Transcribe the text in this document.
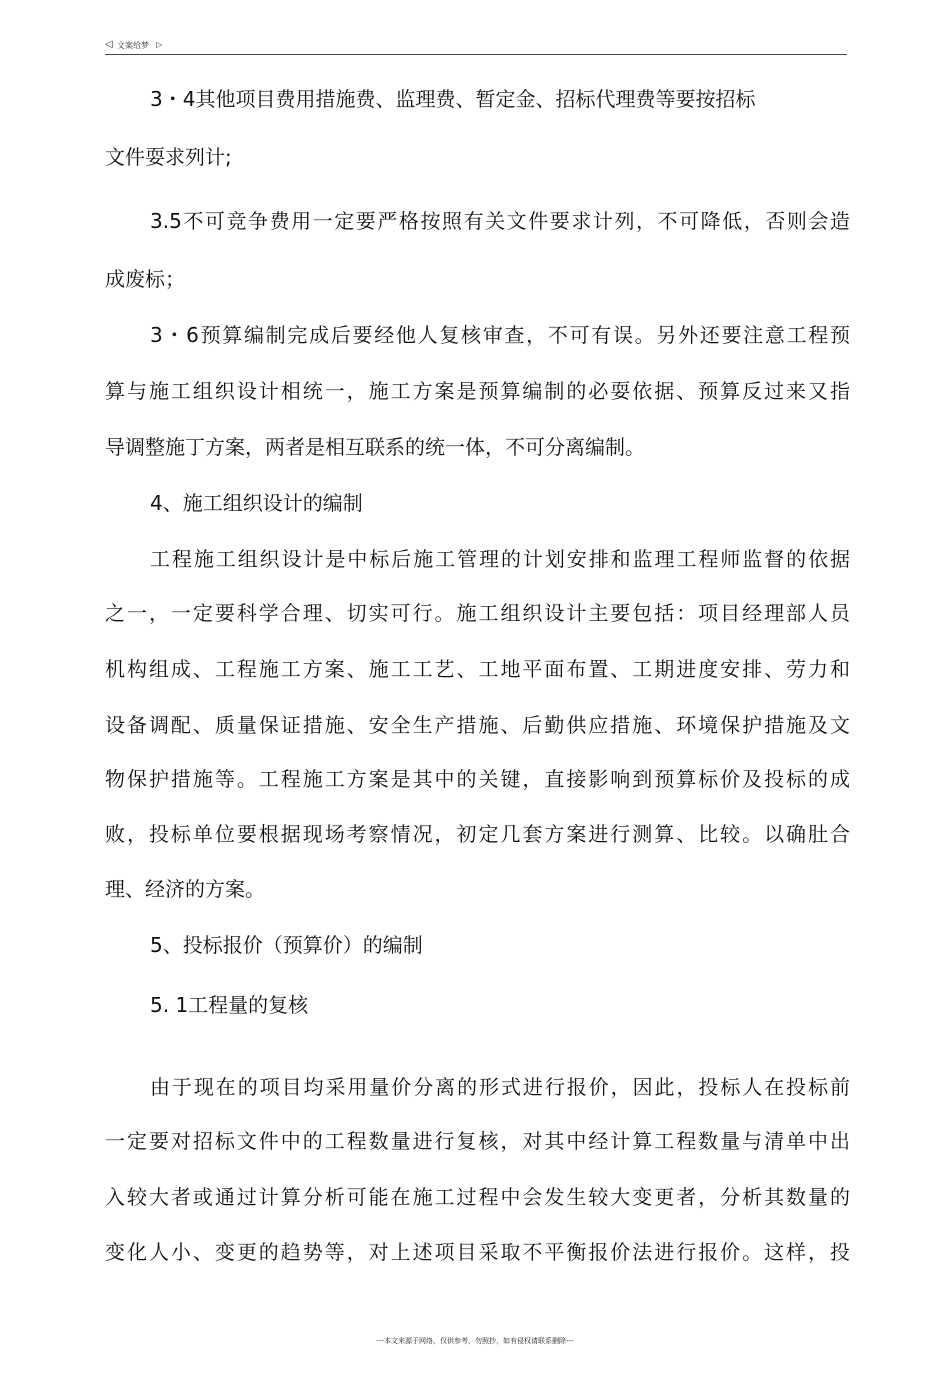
◁ 文案给梦 ▷
3・4其他项目费用措施费、监理费、暂定金、招标代理费等要按招标
文件耍求列计;
3.5不可竞争费用一定要严格按照有关文件要求计列，不可降低，否则会造
成废标；
3・6预算编制完成后要经他人复核审查，不可有误。另外还要注意工程预
算与施工组织设计相统一，施工方案是预算编制的必耍依据、预算反过来又指
导调整施丁方案，两者是相互联系的统一体，不可分离编制。
4、施工组织设计的编制
工程施工组织设计是中标后施工管理的计划安排和监理工程师监督的依据
之一，一定要科学合理、切实可行。施工组织设计主要包括：项目经理部人员
机构组成、工程施工方案、施工工艺、工地平面布置、工期进度安排、劳力和
设备调配、质量保证措施、安全生产措施、后勤供应措施、环境保护措施及文
物保护措施等。工程施工方案是其中的关键，直接影响到预算标价及投标的成
败，投标单位要根据现场考察情况，初定几套方案进行测算、比较。以确肚合
理、经济的方案。
5、投标报价（预算价）的编制
5. 1工程量的复核
由于现在的项目均采用量价分离的形式进行报价，因此，投标人在投标前
一定要对招标文件中的工程数量进行复核，对其中经计算工程数量与清单中出
入较大者或通过计算分析可能在施工过程中会发生较大变更者，分析其数量的
变化人小、变更的趋势等，对上述项目采取不平衡报价法进行报价。这样，投
---本文来源于网络，仅供参考，勿照抄，如有侵权请联系删除---
